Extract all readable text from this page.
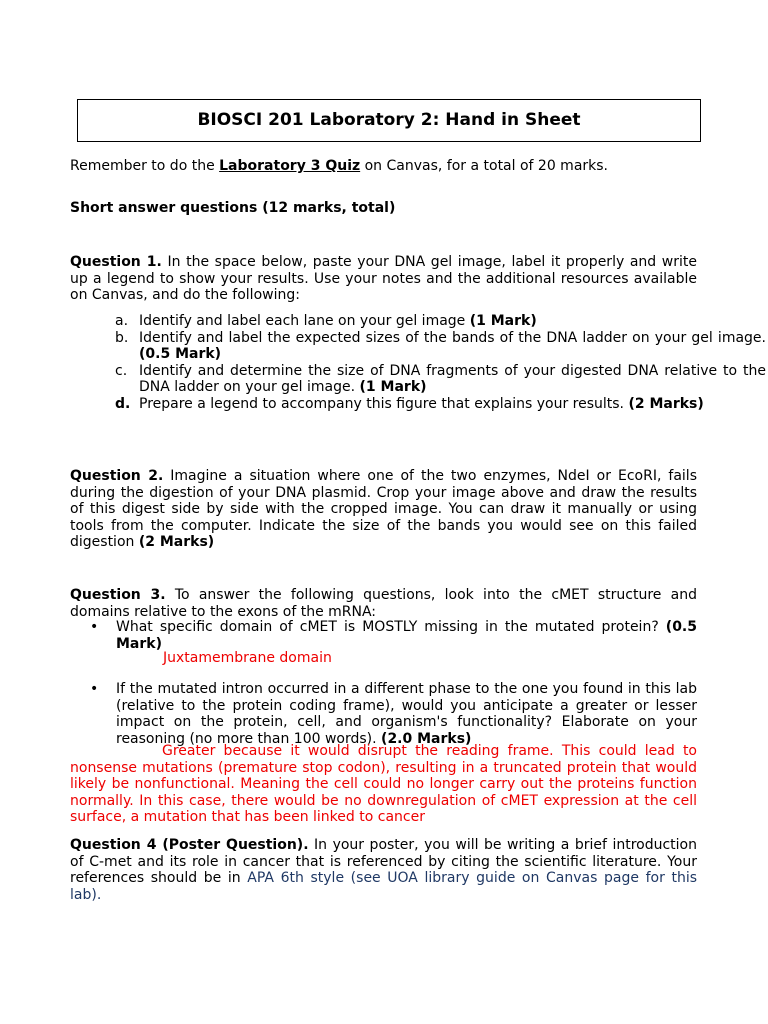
BIOSCI 201 Laboratory 2: Hand in Sheet
Remember to do the Laboratory 3 Quiz on Canvas, for a total of 20 marks.
Short answer questions (12 marks, total)
Question 1. In the space below, paste your DNA gel image, label it properly and write up a legend to show your results. Use your notes and the additional resources available on Canvas, and do the following:
a. Identify and label each lane on your gel image (1 Mark)
b. Identify and label the expected sizes of the bands of the DNA ladder on your gel image. (0.5 Mark)
c. Identify and determine the size of DNA fragments of your digested DNA relative to the DNA ladder on your gel image. (1 Mark)
d. Prepare a legend to accompany this figure that explains your results. (2 Marks)
Question 2. Imagine a situation where one of the two enzymes, NdeI or EcoRI, fails during the digestion of your DNA plasmid. Crop your image above and draw the results of this digest side by side with the cropped image. You can draw it manually or using tools from the computer. Indicate the size of the bands you would see on this failed digestion (2 Marks)
Question 3. To answer the following questions, look into the cMET structure and domains relative to the exons of the mRNA:
• What specific domain of cMET is MOSTLY missing in the mutated protein? (0.5 Mark)
Juxtamembrane domain
• If the mutated intron occurred in a different phase to the one you found in this lab (relative to the protein coding frame), would you anticipate a greater or lesser impact on the protein, cell, and organism's functionality? Elaborate on your reasoning (no more than 100 words). (2.0 Marks)
Greater because it would disrupt the reading frame. This could lead to nonsense mutations (premature stop codon), resulting in a truncated protein that would likely be nonfunctional. Meaning the cell could no longer carry out the proteins function normally. In this case, there would be no downregulation of cMET expression at the cell surface, a mutation that has been linked to cancer
Question 4 (Poster Question). In your poster, you will be writing a brief introduction of C-met and its role in cancer that is referenced by citing the scientific literature. Your references should be in APA 6th style (see UOA library guide on Canvas page for this lab).
